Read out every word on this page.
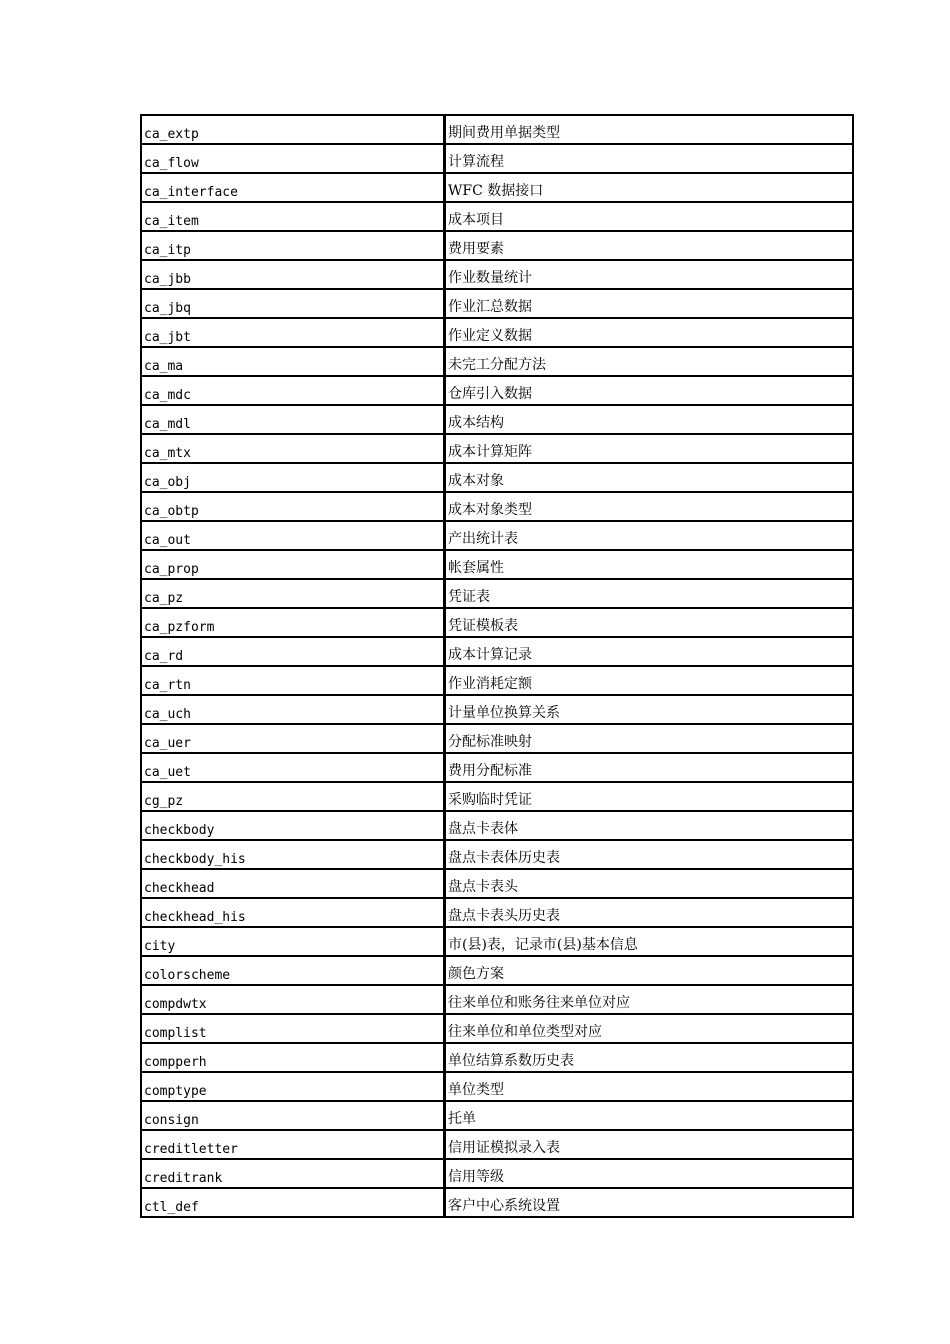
ca_extp	期间费用单据类型
ca_flow	计算流程
ca_interface	WFC 数据接口
ca_item	成本项目
ca_itp	费用要素
ca_jbb	作业数量统计
ca_jbq	作业汇总数据
ca_jbt	作业定义数据
ca_ma	未完工分配方法
ca_mdc	仓库引入数据
ca_mdl	成本结构
ca_mtx	成本计算矩阵
ca_obj	成本对象
ca_obtp	成本对象类型
ca_out	产出统计表
ca_prop	帐套属性
ca_pz	凭证表
ca_pzform	凭证模板表
ca_rd	成本计算记录
ca_rtn	作业消耗定额
ca_uch	计量单位换算关系
ca_uer	分配标准映射
ca_uet	费用分配标准
cg_pz	采购临时凭证
checkbody	盘点卡表体
checkbody_his	盘点卡表体历史表
checkhead	盘点卡表头
checkhead_his	盘点卡表头历史表
city	市(县)表，记录市(县)基本信息
colorscheme	颜色方案
compdwtx	往来单位和账务往来单位对应
complist	往来单位和单位类型对应
compperh	单位结算系数历史表
comptype	单位类型
consign	托单
creditletter	信用证模拟录入表
creditrank	信用等级
ctl_def	客户中心系统设置
